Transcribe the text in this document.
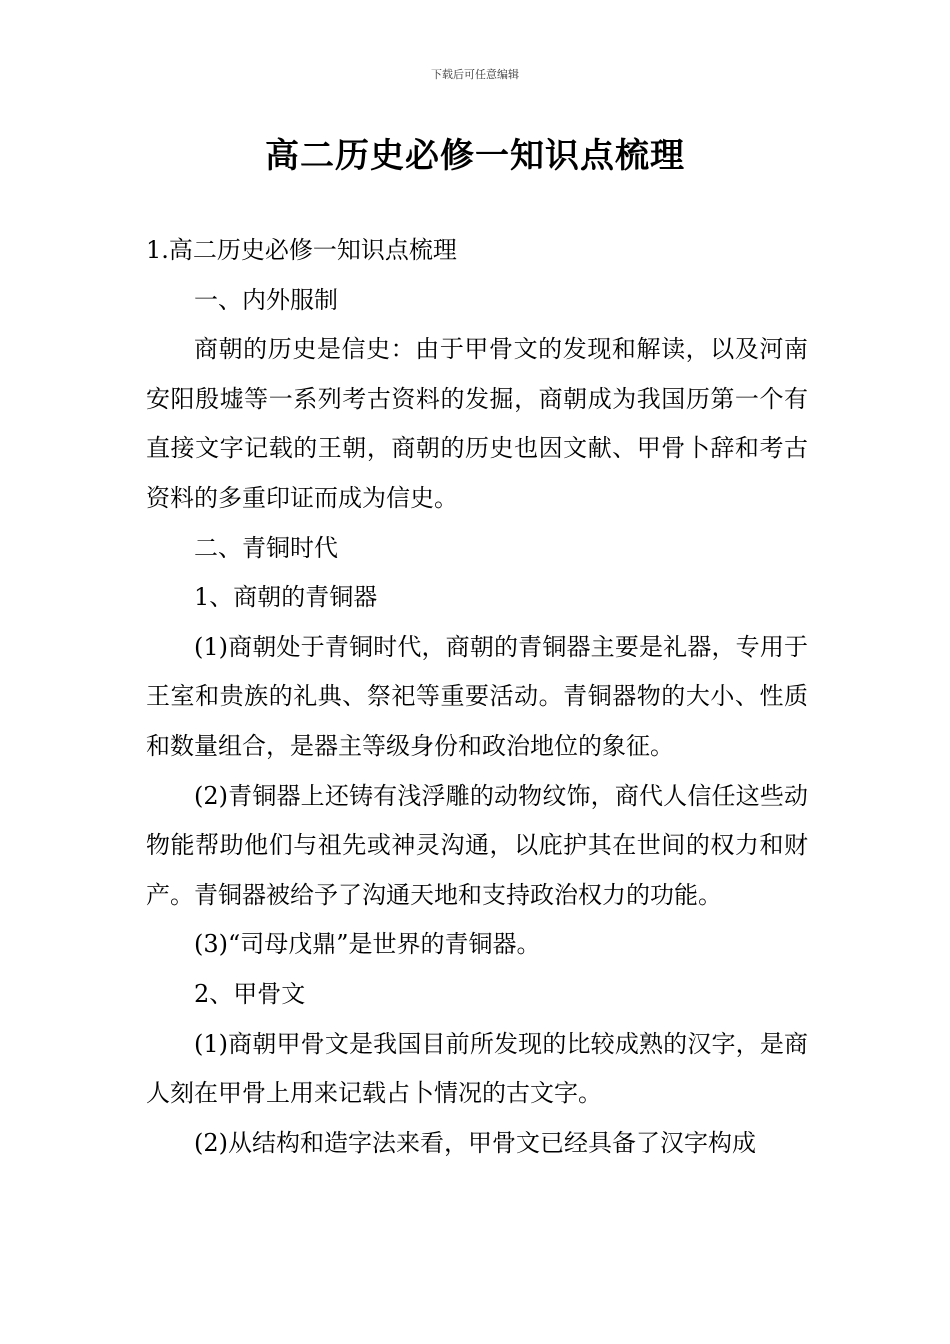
下载后可任意编辑
高二历史必修一知识点梳理

1.高二历史必修一知识点梳理

一、内外服制

商朝的历史是信史：由于甲骨文的发现和解读，以及河南安阳殷墟等一系列考古资料的发掘，商朝成为我国历第一个有直接文字记载的王朝，商朝的历史也因文献、甲骨卜辞和考古资料的多重印证而成为信史。

二、青铜时代

1、商朝的青铜器

(1)商朝处于青铜时代，商朝的青铜器主要是礼器，专用于王室和贵族的礼典、祭祀等重要活动。青铜器物的大小、性质和数量组合，是器主等级身份和政治地位的象征。

(2)青铜器上还铸有浅浮雕的动物纹饰，商代人信任这些动物能帮助他们与祖先或神灵沟通，以庇护其在世间的权力和财产。青铜器被给予了沟通天地和支持政治权力的功能。

(3)“司母戊鼎”是世界的青铜器。

2、甲骨文

(1)商朝甲骨文是我国目前所发现的比较成熟的汉字，是商人刻在甲骨上用来记载占卜情况的古文字。

(2)从结构和造字法来看，甲骨文已经具备了汉字构成
